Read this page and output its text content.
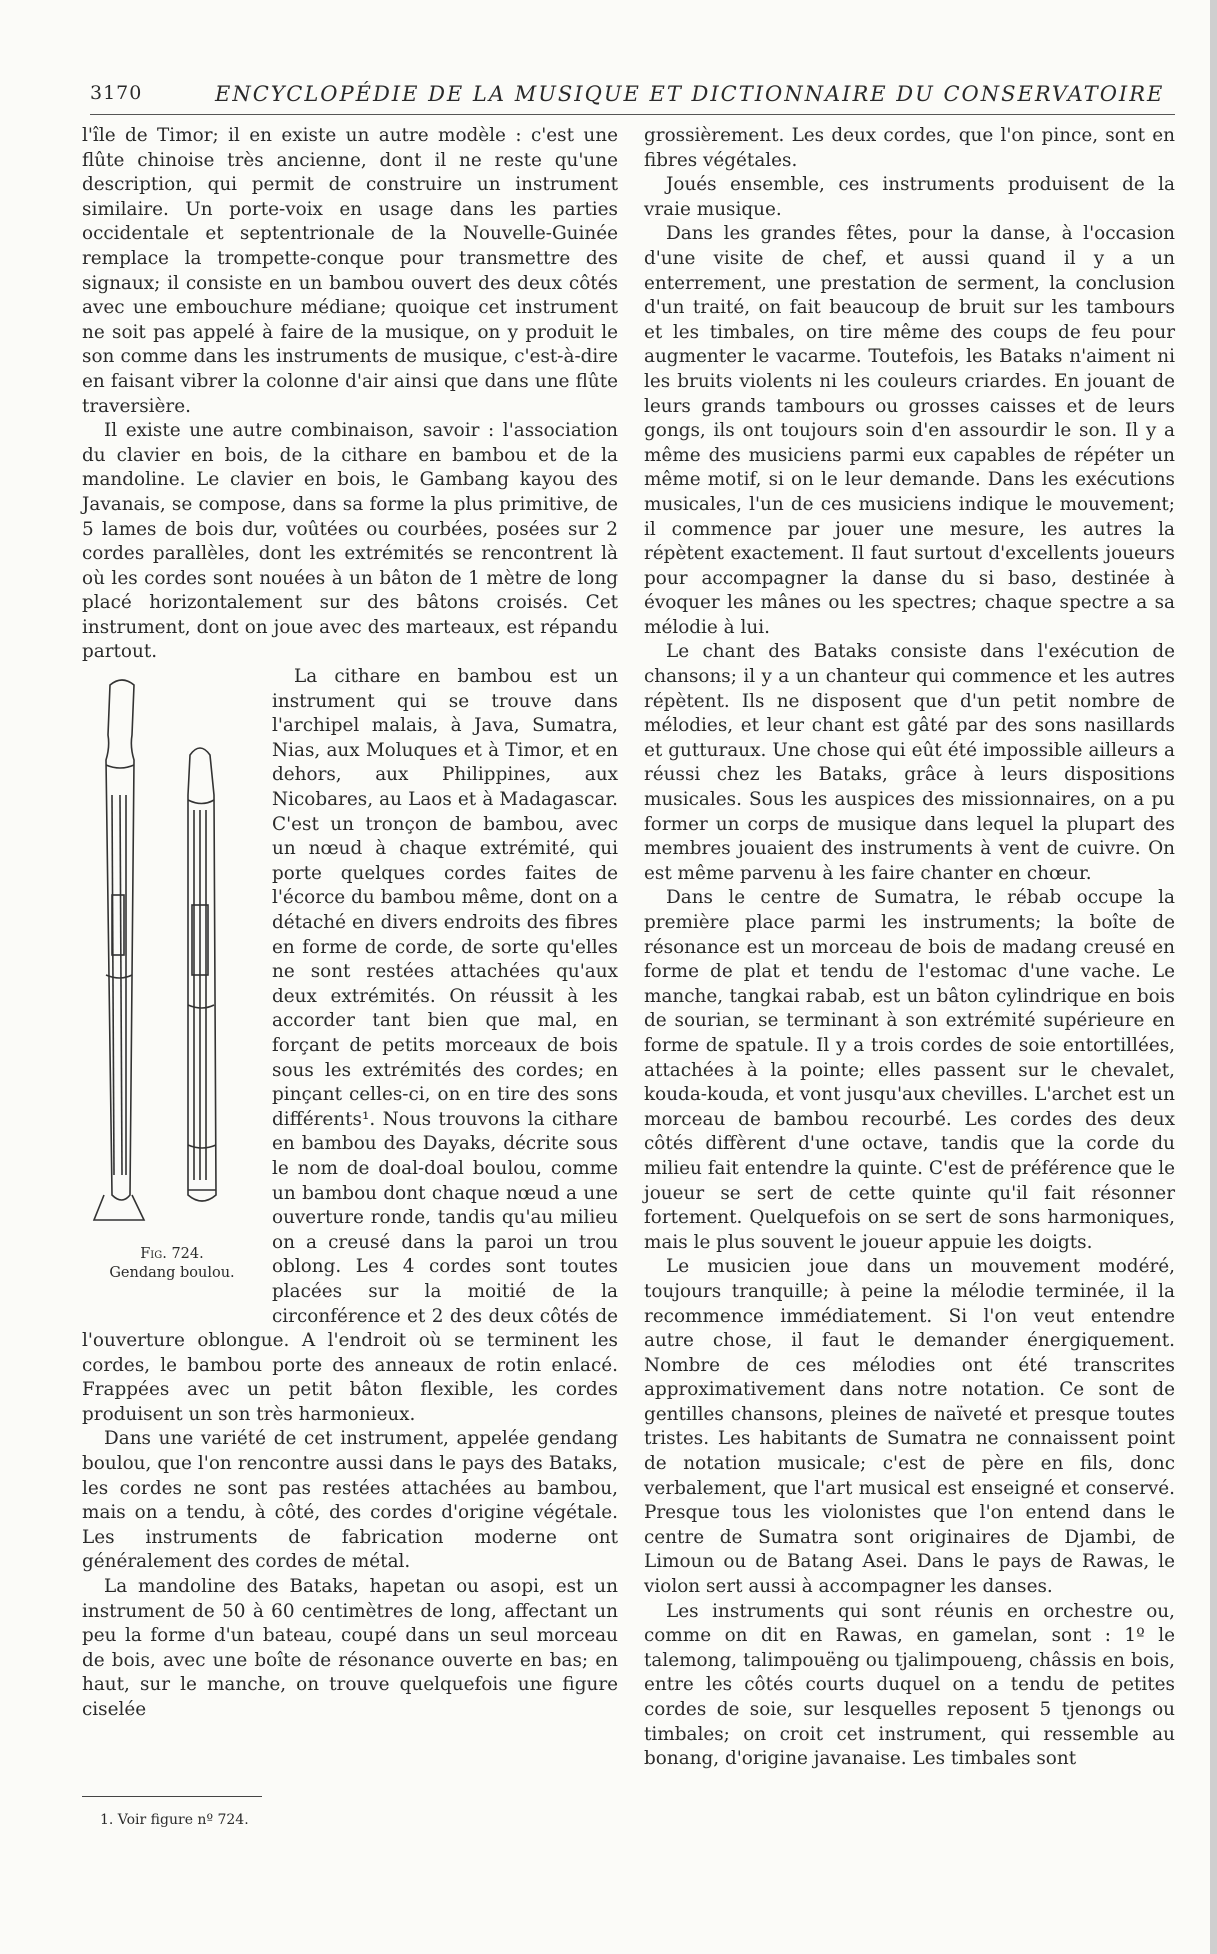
3170	ENCYCLOPÉDIE DE LA MUSIQUE ET DICTIONNAIRE DU CONSERVATOIRE

l'île de Timor; il en existe un autre modèle : c'est une flûte chinoise très ancienne, dont il ne reste qu'une description, qui permit de construire un instrument similaire. Un porte-voix en usage dans les parties occidentale et septentrionale de la Nouvelle-Guinée remplace la trompette-conque pour transmettre des signaux; il consiste en un bambou ouvert des deux côtés avec une embouchure médiane; quoique cet instrument ne soit pas appelé à faire de la musique, on y produit le son comme dans les instruments de musique, c'est-à-dire en faisant vibrer la colonne d'air ainsi que dans une flûte traversière.

Il existe une autre combinaison, savoir : l'association du clavier en bois, de la cithare en bambou et de la mandoline. Le clavier en bois, le Gambang kayou des Javanais, se compose, dans sa forme la plus primitive, de 5 lames de bois dur, voûtées ou courbées, posées sur 2 cordes parallèles, dont les extrémités se rencontrent là où les cordes sont nouées à un bâton de 1 mètre de long placé horizontalement sur des bâtons croisés. Cet instrument, dont on joue avec des marteaux, est répandu partout.

Fig. 724.
Gendang boulou.

La cithare en bambou est un instrument qui se trouve dans l'archipel malais, à Java, Sumatra, Nias, aux Moluques et à Timor, et en dehors, aux Philippines, aux Nicobares, au Laos et à Madagascar. C'est un tronçon de bambou, avec un nœud à chaque extrémité, qui porte quelques cordes faites de l'écorce du bambou même, dont on a détaché en divers endroits des fibres en forme de corde, de sorte qu'elles ne sont restées attachées qu'aux deux extrémités. On réussit à les accorder tant bien que mal, en forçant de petits morceaux de bois sous les extrémités des cordes; en pinçant celles-ci, on en tire des sons différents¹. Nous trouvons la cithare en bambou des Dayaks, décrite sous le nom de doal-doal boulou, comme un bambou dont chaque nœud a une ouverture ronde, tandis qu'au milieu on a creusé dans la paroi un trou oblong. Les 4 cordes sont toutes placées sur la moitié de la circonférence et 2 des deux côtés de l'ouverture oblongue. A l'endroit où se terminent les cordes, le bambou porte des anneaux de rotin enlacé. Frappées avec un petit bâton flexible, les cordes produisent un son très harmonieux.

Dans une variété de cet instrument, appelée gendang boulou, que l'on rencontre aussi dans le pays des Bataks, les cordes ne sont pas restées attachées au bambou, mais on a tendu, à côté, des cordes d'origine végétale. Les instruments de fabrication moderne ont généralement des cordes de métal.

La mandoline des Bataks, hapetan ou asopi, est un instrument de 50 à 60 centimètres de long, affectant un peu la forme d'un bateau, coupé dans un seul morceau de bois, avec une boîte de résonance ouverte en bas; en haut, sur le manche, on trouve quelquefois une figure ciselée

1. Voir figure nº 724.

grossièrement. Les deux cordes, que l'on pince, sont en fibres végétales.

Joués ensemble, ces instruments produisent de la vraie musique.

Dans les grandes fêtes, pour la danse, à l'occasion d'une visite de chef, et aussi quand il y a un enterrement, une prestation de serment, la conclusion d'un traité, on fait beaucoup de bruit sur les tambours et les timbales, on tire même des coups de feu pour augmenter le vacarme. Toutefois, les Bataks n'aiment ni les bruits violents ni les couleurs criardes. En jouant de leurs grands tambours ou grosses caisses et de leurs gongs, ils ont toujours soin d'en assourdir le son. Il y a même des musiciens parmi eux capables de répéter un même motif, si on le leur demande. Dans les exécutions musicales, l'un de ces musiciens indique le mouvement; il commence par jouer une mesure, les autres la répètent exactement. Il faut surtout d'excellents joueurs pour accompagner la danse du si baso, destinée à évoquer les mânes ou les spectres; chaque spectre a sa mélodie à lui.

Le chant des Bataks consiste dans l'exécution de chansons; il y a un chanteur qui commence et les autres répètent. Ils ne disposent que d'un petit nombre de mélodies, et leur chant est gâté par des sons nasillards et gutturaux. Une chose qui eût été impossible ailleurs a réussi chez les Bataks, grâce à leurs dispositions musicales. Sous les auspices des missionnaires, on a pu former un corps de musique dans lequel la plupart des membres jouaient des instruments à vent de cuivre. On est même parvenu à les faire chanter en chœur.

Dans le centre de Sumatra, le rébab occupe la première place parmi les instruments; la boîte de résonance est un morceau de bois de madang creusé en forme de plat et tendu de l'estomac d'une vache. Le manche, tangkai rabab, est un bâton cylindrique en bois de sourian, se terminant à son extrémité supérieure en forme de spatule. Il y a trois cordes de soie entortillées, attachées à la pointe; elles passent sur le chevalet, kouda-kouda, et vont jusqu'aux chevilles. L'archet est un morceau de bambou recourbé. Les cordes des deux côtés diffèrent d'une octave, tandis que la corde du milieu fait entendre la quinte. C'est de préférence que le joueur se sert de cette quinte qu'il fait résonner fortement. Quelquefois on se sert de sons harmoniques, mais le plus souvent le joueur appuie les doigts.

Le musicien joue dans un mouvement modéré, toujours tranquille; à peine la mélodie terminée, il la recommence immédiatement. Si l'on veut entendre autre chose, il faut le demander énergiquement. Nombre de ces mélodies ont été transcrites approximativement dans notre notation. Ce sont de gentilles chansons, pleines de naïveté et presque toutes tristes. Les habitants de Sumatra ne connaissent point de notation musicale; c'est de père en fils, donc verbalement, que l'art musical est enseigné et conservé. Presque tous les violonistes que l'on entend dans le centre de Sumatra sont originaires de Djambi, de Limoun ou de Batang Asei. Dans le pays de Rawas, le violon sert aussi à accompagner les danses.

Les instruments qui sont réunis en orchestre ou, comme on dit en Rawas, en gamelan, sont : 1º le talemong, talimpouëng ou tjalimpoueng, châssis en bois, entre les côtés courts duquel on a tendu de petites cordes de soie, sur lesquelles reposent 5 tjenongs ou timbales; on croit cet instrument, qui ressemble au bonang, d'origine javanaise. Les timbales sont
